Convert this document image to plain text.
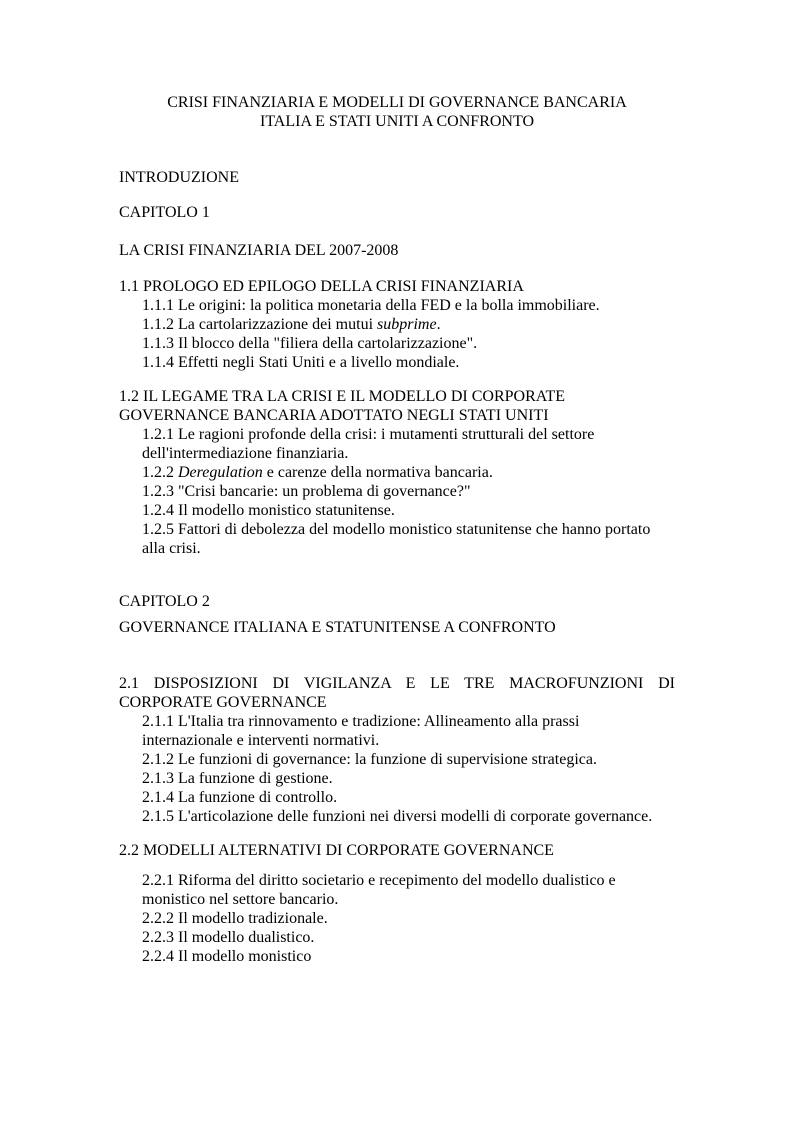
CRISI FINANZIARIA E MODELLI DI GOVERNANCE BANCARIA
ITALIA E STATI UNITI A CONFRONTO
INTRODUZIONE
CAPITOLO 1
LA CRISI FINANZIARIA DEL 2007-2008
1.1 PROLOGO ED EPILOGO DELLA CRISI FINANZIARIA
1.1.1 Le origini: la politica monetaria della FED e la bolla immobiliare.
1.1.2 La cartolarizzazione dei mutui subprime.
1.1.3 Il blocco della "filiera della cartolarizzazione".
1.1.4 Effetti negli Stati Uniti e a livello mondiale.
1.2 IL LEGAME TRA LA CRISI E IL MODELLO DI CORPORATE
GOVERNANCE BANCARIA ADOTTATO NEGLI STATI UNITI
1.2.1 Le ragioni profonde della crisi: i mutamenti strutturali del settore
dell'intermediazione finanziaria.
1.2.2 Deregulation e carenze della normativa bancaria.
1.2.3 "Crisi bancarie: un problema di governance?"
1.2.4 Il modello monistico statunitense.
1.2.5 Fattori di debolezza del modello monistico statunitense che hanno portato
alla crisi.
CAPITOLO 2
GOVERNANCE ITALIANA E STATUNITENSE A CONFRONTO
2.1 DISPOSIZIONI DI VIGILANZA E LE TRE MACROFUNZIONI DI
CORPORATE GOVERNANCE
2.1.1 L'Italia tra rinnovamento e tradizione: Allineamento alla prassi
internazionale e interventi normativi.
2.1.2 Le funzioni di governance: la funzione di supervisione strategica.
2.1.3 La funzione di gestione.
2.1.4 La funzione di controllo.
2.1.5 L'articolazione delle funzioni nei diversi modelli di corporate governance.
2.2 MODELLI ALTERNATIVI DI CORPORATE GOVERNANCE
2.2.1 Riforma del diritto societario e recepimento del modello dualistico e
monistico nel settore bancario.
2.2.2 Il modello tradizionale.
2.2.3 Il modello dualistico.
2.2.4 Il modello monistico
